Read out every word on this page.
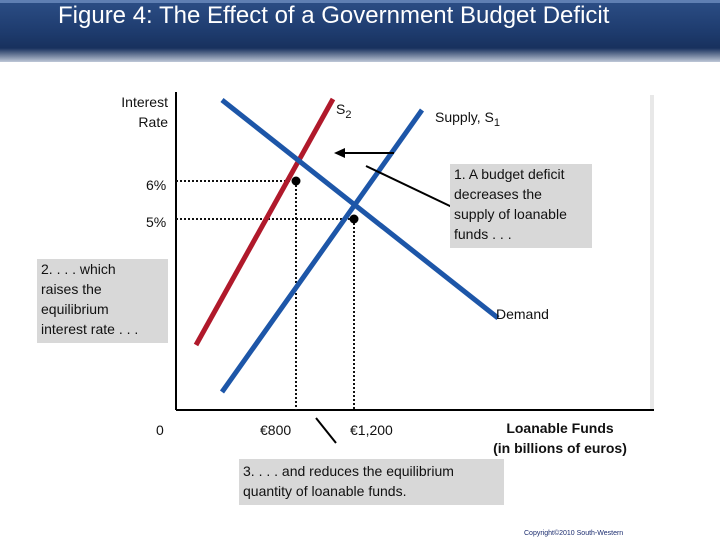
Figure 4: The Effect of a Government Budget Deficit
Interest
Rate
0	Loanable Funds
(in billions of euros)
6%
5%
€800	€1,200
$S_2$	Supply, $S_1$
Demand
1. A budget deficit
decreases the
supply of loanable
funds . . .
2. . . . which
raises the
equilibrium
interest rate . . .
3. . . . and reduces the equilibrium
quantity of loanable funds.
Copyright©2010 South-Western
